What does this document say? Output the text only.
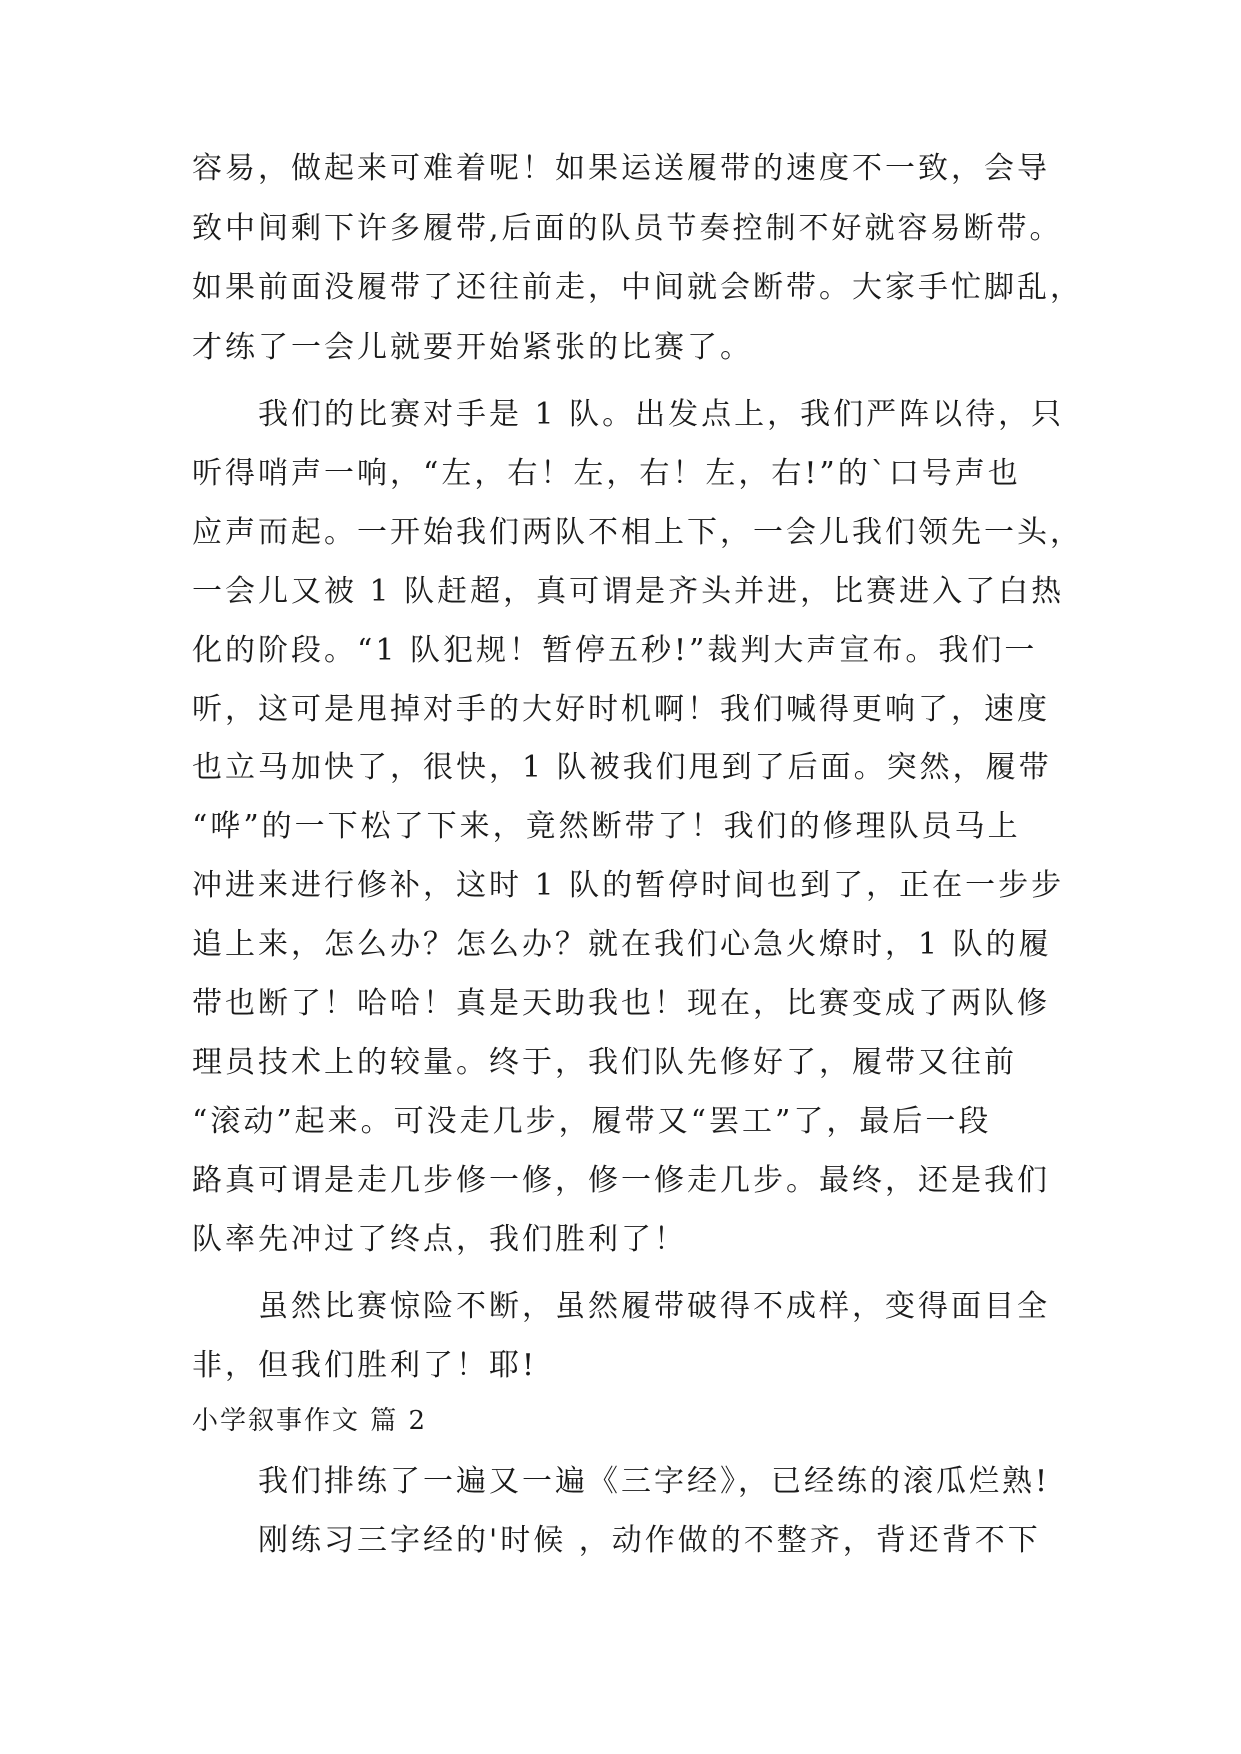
容易，做起来可难着呢！如果运送履带的速度不一致，会导
致中间剩下许多履带,后面的队员节奏控制不好就容易断带。
如果前面没履带了还往前走，中间就会断带。大家手忙脚乱，
才练了一会儿就要开始紧张的比赛了。
我们的比赛对手是 1 队。出发点上，我们严阵以待，只
听得哨声一响，“左，右！左，右！左，右!”的`口号声也
应声而起。一开始我们两队不相上下，一会儿我们领先一头，
一会儿又被 1 队赶超，真可谓是齐头并进，比赛进入了白热
化的阶段。“1 队犯规！暂停五秒!”裁判大声宣布。我们一
听，这可是甩掉对手的大好时机啊！我们喊得更响了，速度
也立马加快了，很快，1 队被我们甩到了后面。突然，履带
“哗”的一下松了下来，竟然断带了！我们的修理队员马上
冲进来进行修补，这时 1 队的暂停时间也到了，正在一步步
追上来，怎么办？怎么办？就在我们心急火燎时，1 队的履
带也断了！哈哈！真是天助我也！现在，比赛变成了两队修
理员技术上的较量。终于，我们队先修好了，履带又往前
“滚动”起来。可没走几步，履带又“罢工”了，最后一段
路真可谓是走几步修一修，修一修走几步。最终，还是我们
队率先冲过了终点，我们胜利了！
虽然比赛惊险不断，虽然履带破得不成样，变得面目全
非，但我们胜利了！耶!
小学叙事作文 篇 2
我们排练了一遍又一遍《三字经》，已经练的滚瓜烂熟!
刚练习三字经的'时候 ，动作做的不整齐，背还背不下
